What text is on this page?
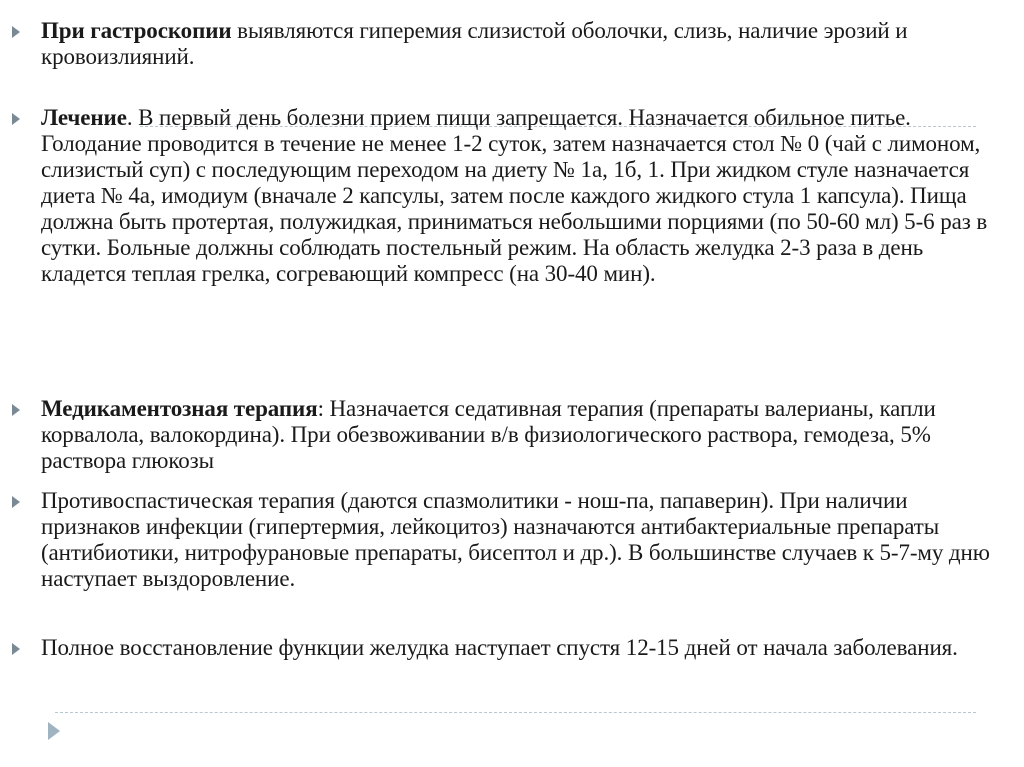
При гастроскопии выявляются гиперемия слизистой оболочки, слизь, наличие эрозий и кровоизлияний.
Лечение. В первый день болезни прием пищи запрещается. Назначается обильное питье. Голодание проводится в течение не менее 1-2 суток, затем назначается стол № 0 (чай с лимоном, слизистый суп) с последующим переходом на диету № 1а, 1б, 1. При жидком стуле назначается диета № 4а, имодиум (вначале 2 капсулы, затем после каждого жидкого стула 1 капсула). Пища должна быть протертая, полужидкая, приниматься небольшими порциями (по 50-60 мл) 5-6 раз в сутки. Больные должны соблюдать постельный режим. На область желудка 2-3 раза в день кладется теплая грелка, согревающий компресс (на 30-40 мин).
Медикаментозная терапия: Назначается седативная терапия (препараты валерианы, капли корвалола, валокордина). При обезвоживании в/в физиологического раствора, гемодеза, 5% раствора глюкозы
Противоспастическая терапия (даются спазмолитики - нош-па, папаверин). При наличии признаков инфекции (гипертермия, лейкоцитоз) назначаются антибактериальные препараты (антибиотики, нитрофурановые препараты, бисептол и др.). В большинстве случаев к 5-7-му дню наступает выздоровление.
Полное восстановление функции желудка наступает спустя 12-15 дней от начала заболевания.
